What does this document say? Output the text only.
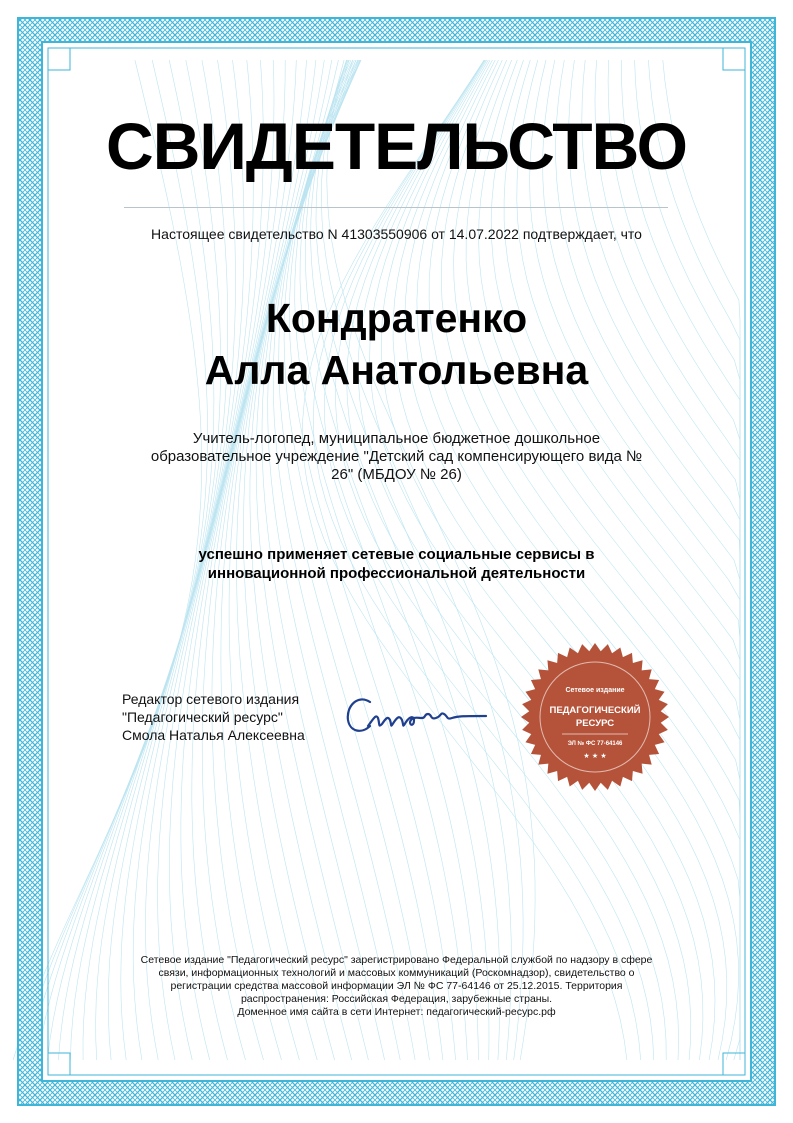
СВИДЕТЕЛЬСТВО
Настоящее свидетельство N 41303550906 от 14.07.2022 подтверждает, что
Кондратенко
Алла Анатольевна
Учитель-логопед, муниципальное бюджетное дошкольное
образовательное учреждение "Детский сад компенсирующего вида №
26" (МБДОУ № 26)
успешно применяет сетевые социальные сервисы в
инновационной профессиональной деятельности
Редактор сетевого издания
"Педагогический ресурс"
Смола Наталья Алексеевна
Сетевое издание
ПЕДАГОГИЧЕСКИЙ
РЕСУРС
ЭЛ № ФС 77-64146
★ ★ ★
Сетевое издание "Педагогический ресурс" зарегистрировано Федеральной службой по надзору в сфере
связи, информационных технологий и массовых коммуникаций (Роскомнадзор), свидетельство о
регистрации средства массовой информации ЭЛ № ФС 77-64146 от 25.12.2015. Территория
распространения: Российская Федерация, зарубежные страны.
Доменное имя сайта в сети Интернет: педагогический-ресурс.рф
